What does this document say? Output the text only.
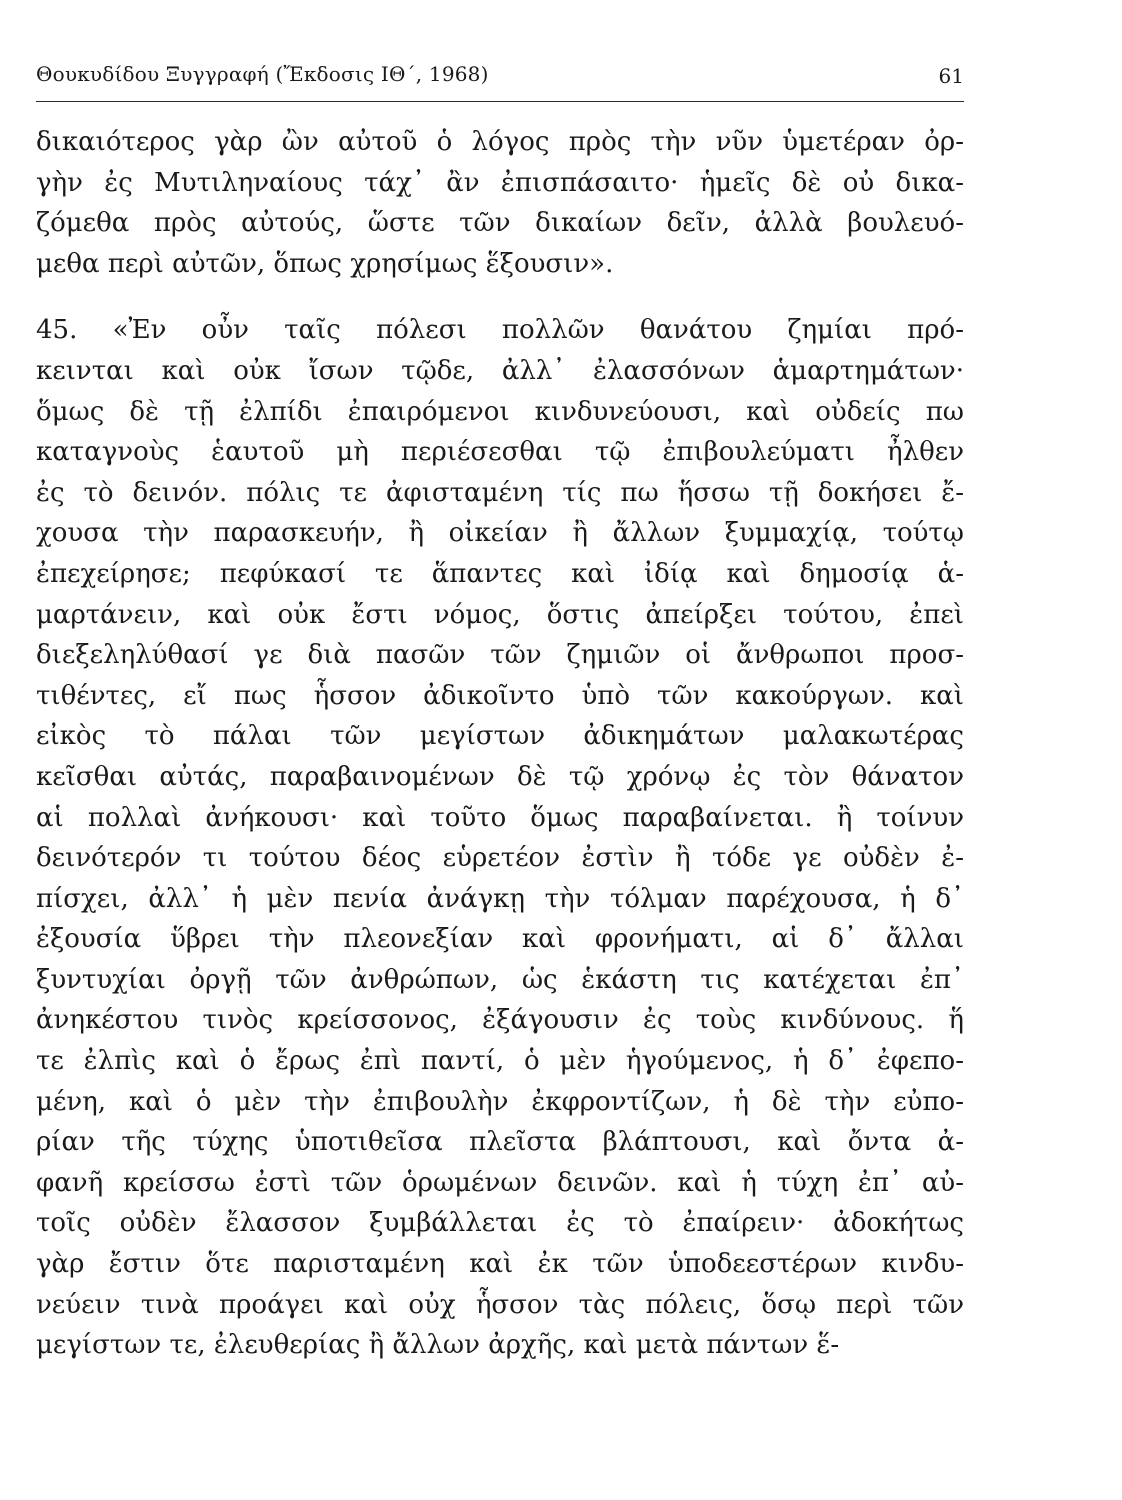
Θουκυδίδου Ξυγγραφή (Ἔκδοσις ΙΘ΄, 1968)	61
δικαιότερος γὰρ ὢν αὐτοῦ ὁ λόγος πρὸς τὴν νῦν ὑμετέραν ὀρ-
γὴν ἐς Μυτιληναίους τάχ᾽ ἂν ἐπισπάσαιτο· ἡμεῖς δὲ οὐ δικα-
ζόμεθα πρὸς αὐτούς, ὥστε τῶν δικαίων δεῖν, ἀλλὰ βουλευό-
μεθα περὶ αὐτῶν, ὅπως χρησίμως ἕξουσιν».
45. «Ἐν οὖν ταῖς πόλεσι πολλῶν θανάτου ζημίαι πρό-
κεινται καὶ οὐκ ἴσων τῷδε, ἀλλ᾽ ἐλασσόνων ἁμαρτημάτων·
ὅμως δὲ τῇ ἐλπίδι ἐπαιρόμενοι κινδυνεύουσι, καὶ οὐδείς πω
καταγνοὺς ἑαυτοῦ μὴ περιέσεσθαι τῷ ἐπιβουλεύματι ἦλθεν
ἐς τὸ δεινόν. πόλις τε ἀφισταμένη τίς πω ἥσσω τῇ δοκήσει ἔ-
χουσα τὴν παρασκευήν, ἢ οἰκείαν ἢ ἄλλων ξυμμαχίᾳ, τούτῳ
ἐπεχείρησε; πεφύκασί τε ἅπαντες καὶ ἰδίᾳ καὶ δημοσίᾳ ἁ-
μαρτάνειν, καὶ οὐκ ἔστι νόμος, ὅστις ἀπείρξει τούτου, ἐπεὶ
διεξεληλύθασί γε διὰ πασῶν τῶν ζημιῶν οἱ ἄνθρωποι προσ-
τιθέντες, εἴ πως ἧσσον ἀδικοῖντο ὑπὸ τῶν κακούργων. καὶ
εἰκὸς τὸ πάλαι τῶν μεγίστων ἀδικημάτων μαλακωτέρας
κεῖσθαι αὐτάς, παραβαινομένων δὲ τῷ χρόνῳ ἐς τὸν θάνατον
αἱ πολλαὶ ἀνήκουσι· καὶ τοῦτο ὅμως παραβαίνεται. ἢ τοίνυν
δεινότερόν τι τούτου δέος εὑρετέον ἐστὶν ἢ τόδε γε οὐδὲν ἐ-
πίσχει, ἀλλ᾽ ἡ μὲν πενία ἀνάγκῃ τὴν τόλμαν παρέχουσα, ἡ δ᾽
ἐξουσία ὕβρει τὴν πλεονεξίαν καὶ φρονήματι, αἱ δ᾽ ἄλλαι
ξυντυχίαι ὀργῇ τῶν ἀνθρώπων, ὡς ἑκάστη τις κατέχεται ἐπ᾽
ἀνηκέστου τινὸς κρείσσονος, ἐξάγουσιν ἐς τοὺς κινδύνους. ἥ
τε ἐλπὶς καὶ ὁ ἔρως ἐπὶ παντί, ὁ μὲν ἡγούμενος, ἡ δ᾽ ἐφεπο-
μένη, καὶ ὁ μὲν τὴν ἐπιβουλὴν ἐκφροντίζων, ἡ δὲ τὴν εὐπο-
ρίαν τῆς τύχης ὑποτιθεῖσα πλεῖστα βλάπτουσι, καὶ ὄντα ἀ-
φανῆ κρείσσω ἐστὶ τῶν ὁρωμένων δεινῶν. καὶ ἡ τύχη ἐπ᾽ αὐ-
τοῖς οὐδὲν ἔλασσον ξυμβάλλεται ἐς τὸ ἐπαίρειν· ἀδοκήτως
γὰρ ἔστιν ὅτε παρισταμένη καὶ ἐκ τῶν ὑποδεεστέρων κινδυ-
νεύειν τινὰ προάγει καὶ οὐχ ἧσσον τὰς πόλεις, ὅσῳ περὶ τῶν
μεγίστων τε, ἐλευθερίας ἢ ἄλλων ἀρχῆς, καὶ μετὰ πάντων ἕ-
